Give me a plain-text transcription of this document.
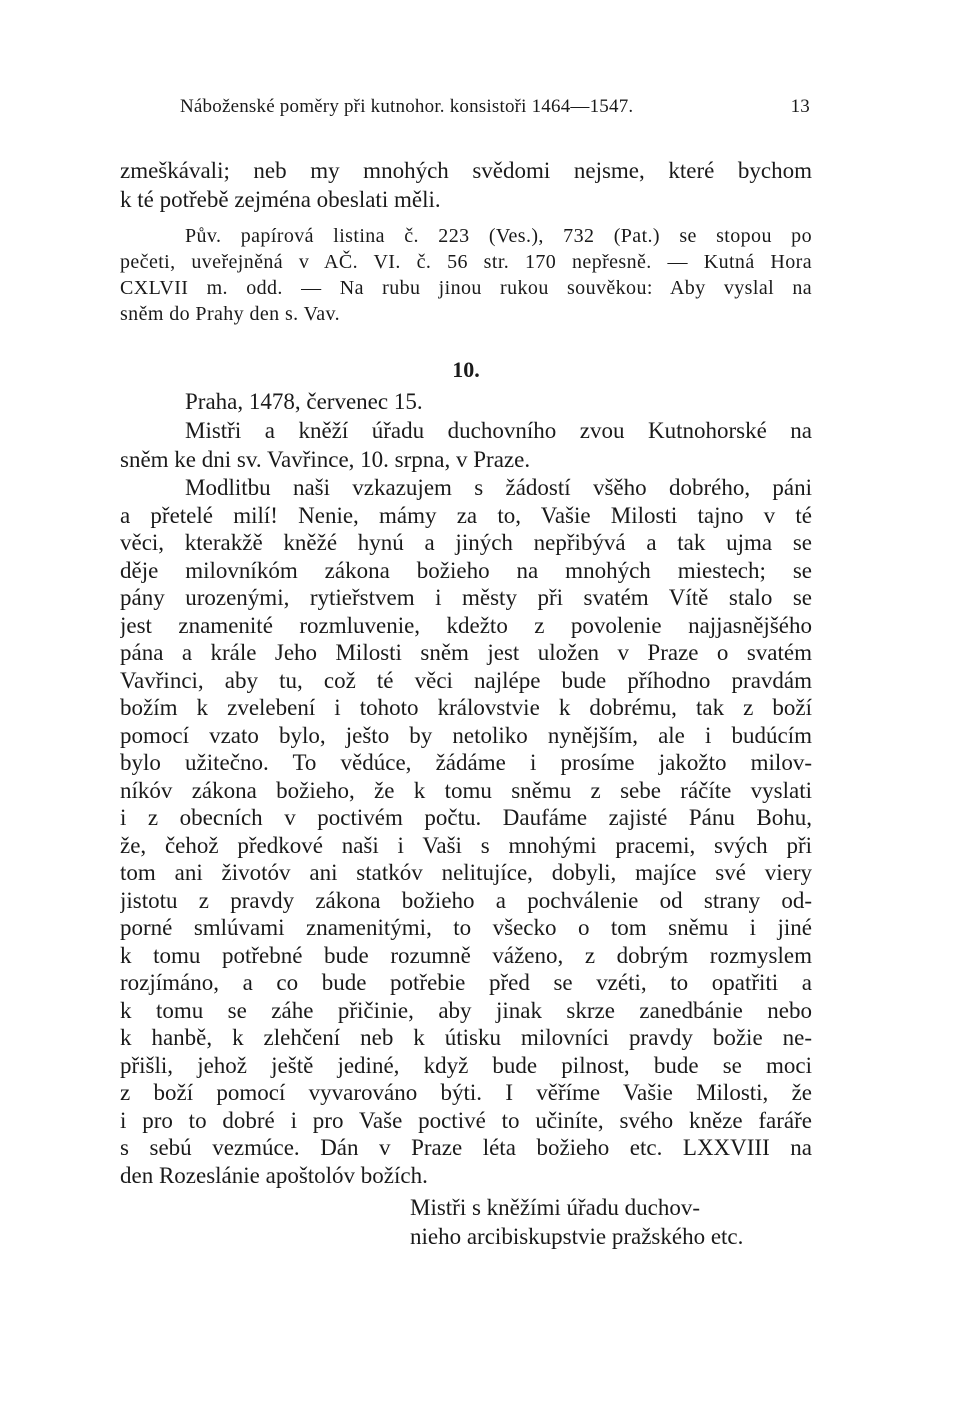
Náboženské poměry při kutnohor. konsistoři 1464—1547.	13
zmeškávali; neb my mnohých svědomi nejsme, které bychom
k té potřebě zejména obeslati měli.
Pův. papírová listina č. 223 (Ves.), 732 (Pat.) se stopou po
pečeti, uveřejněná v AČ. VI. č. 56 str. 170 nepřesně. — Kutná Hora
CXLVII m. odd. — Na rubu jinou rukou souvěkou: Aby vyslal na
sněm do Prahy den s. Vav.
10.
Praha, 1478, červenec 15.
Mistři a kněží úřadu duchovního zvou Kutnohorské na
sněm ke dni sv. Vavřince, 10. srpna, v Praze.
Modlitbu naši vzkazujem s žádostí všěho dobrého, páni
a přetelé milí! Nenie, mámy za to, Vašie Milosti tajno v té
věci, kterakžě kněžé hynú a jiných nepřibývá a tak ujma se
děje milovníkóm zákona božieho na mnohých miestech; se
pány urozenými, rytieřstvem i městy při svatém Vítě stalo se
jest znamenité rozmluvenie, kdežto z povolenie najjasnějšého
pána a krále Jeho Milosti sněm jest uložen v Praze o svatém
Vavřinci, aby tu, což té věci najlépe bude příhodno pravdám
božím k zvelebení i tohoto královstvie k dobrému, tak z boží
pomocí vzato bylo, ješto by netoliko nynějším, ale i budúcím
bylo užitečno. To vědúce, žádáme i prosíme jakožto milov-
níkóv zákona božieho, že k tomu sněmu z sebe ráčíte vyslati
i z obecních v poctivém počtu. Daufáme zajisté Pánu Bohu,
že, čehož předkové naši i Vaši s mnohými pracemi, svých při
tom ani životóv ani statkóv nelitujíce, dobyli, majíce své viery
jistotu z pravdy zákona božieho a pochválenie od strany od-
porné smlúvami znamenitými, to všecko o tom sněmu i jiné
k tomu potřebné bude rozumně váženo, z dobrým rozmyslem
rozjímáno, a co bude potřebie před se vzéti, to opatřiti a
k tomu se záhe přičinie, aby jinak skrze zanedbánie nebo
k hanbě, k zlehčení neb k útisku milovníci pravdy božie ne-
přišli, jehož ještě jediné, když bude pilnost, bude se moci
z boží pomocí vyvarováno býti. I věříme Vašie Milosti, že
i pro to dobré i pro Vaše poctivé to učiníte, svého kněze faráře
s sebú vezmúce. Dán v Praze léta božieho etc. LXXVIII na
den Rozeslánie apoštolóv božích.
Mistři s kněžími úřadu duchov-
nieho arcibiskupstvie pražského etc.
